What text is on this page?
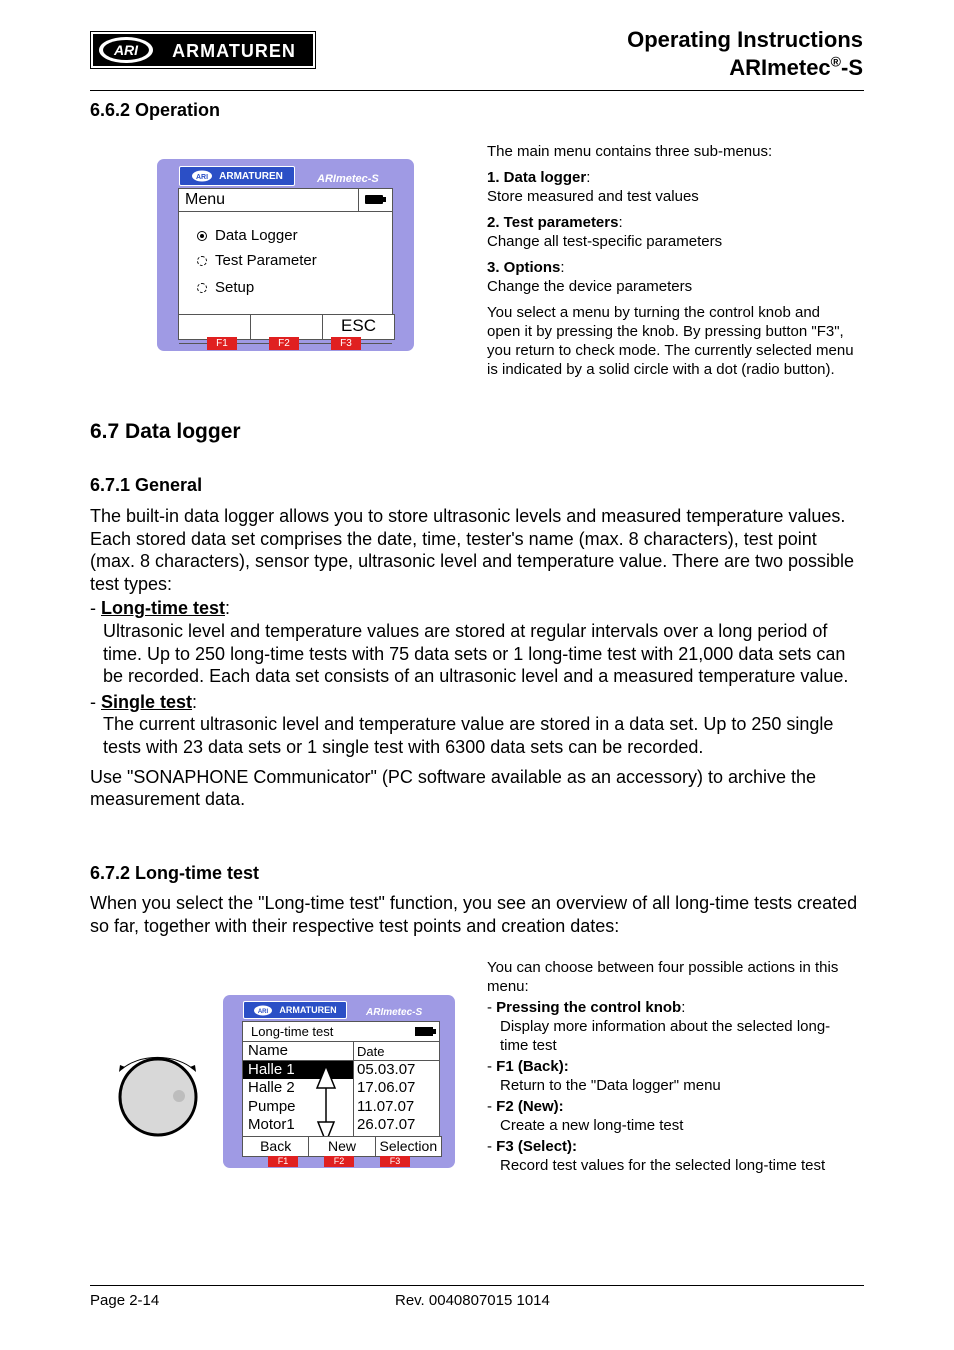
ARI ARMATUREN	Operating Instructions
ARImetec®-S
6.6.2 Operation
ARI ARMATUREN	ARImetec-S
Menu
Data Logger
Test Parameter
Setup
ESC
F1	F2	F3

The main menu contains three sub-menus:

1. Data logger:
Store measured and test values

2. Test parameters:
Change all test-specific parameters

3. Options:
Change the device parameters

You select a menu by turning the control knob and open it by pressing the knob. By pressing button "F3", you return to check mode. The currently selected menu is indicated by a solid circle with a dot (radio button).

6.7 Data logger
6.7.1 General

The built-in data logger allows you to store ultrasonic levels and measured temperature values. Each stored data set comprises the date, time, tester's name (max. 8 characters), test point (max. 8 characters), sensor type, ultrasonic level and temperature value. There are two possible test types:

- Long-time test:

Ultrasonic level and temperature values are stored at regular intervals over a long period of time. Up to 250 long-time tests with 75 data sets or 1 long-time test with 21,000 data sets can be recorded. Each data set consists of an ultrasonic level and a measured temperature value.

- Single test:

The current ultrasonic level and temperature value are stored in a data set. Up to 250 single tests with 23 data sets or 1 single test with 6300 data sets can be recorded.

Use "SONAPHONE Communicator" (PC software available as an accessory) to archive the measurement data.

6.7.2 Long-time test
When you select the "Long-time test" function, you see an overview of all long-time tests created so far, together with their respective test points and creation dates:
ARI ARMATUREN	ARImetec-S
Long-time test
Name	Date
Halle 1	05.03.07
Halle 2	17.06.07
Pumpe	11.07.07
Motor1	26.07.07
Back	New	Selection
F1	F2	F3

You can choose between four possible actions in this menu:

- Pressing the control knob:

Display more information about the selected long-time test

- F1 (Back):

Return to the "Data logger" menu

- F2 (New):

Create a new long-time test

- F3 (Select):

Record test values for the selected long-time test

Page 2-14	Rev. 0040807015 1014
